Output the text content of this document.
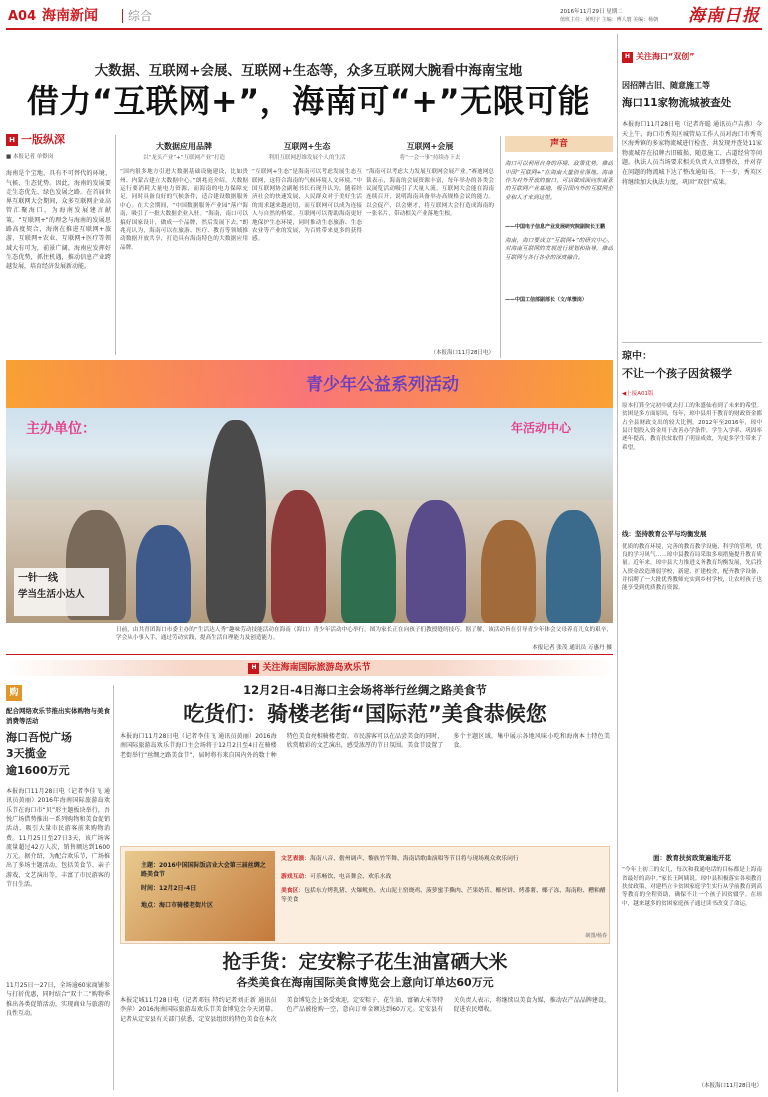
A04 海南新闻	综合	2016年11月29日 星期二
值班主任：黄明宇 主编：傅人寰 美编：杨朝 海南日报
大数据、互联网+会展、互联网+生态等，众多互联网大腕看中海南宝地
借力“互联网+”，海南可“+”无限可能
H 一版纵深
■ 本报记者 单憬岗
海南是个宝地，具有不可替代的环境、气候、生态优势。因此，海南的发展要走生态优先、绿色发展之路。在首届世界互联网大会期间，众多互联网企业高管汇聚海口，为海南发展建言献策。“互联网+”的理念与海南的发展思路高度契合，海南在推进互联网+旅游、互联网+农业、互联网+医疗等领域大有可为，前景广阔。海南应发挥好生态优势，抓住机遇，推动信息产业跨越发展，培育经济发展新动能。
大数据应用品牌
以“龙头产业”+“互联网产业”打造
“国内很多地方引进大数据基础设施建设，比如贵州、内蒙古建立大数据中心。”朗兆亮介绍，大数据运行要消耗大量电力资源，而海南的电力保障充足，同时具备良好的气候条件，适合建设数据服务中心。在大会期间，“中国数据服务产业园”落户海南，吸引了一批大数据企业入驻。“海南，南口可以搞好国家设计，做成一个品牌，然后发展下去。”朗兆亮认为，海南可以在旅游、医疗、教育等领域推动数据开放共享，打造具有海南特色的大数据应用品牌。
互联网+生态
利用互联网思维发展个人的生活
“互联网+生态”是海南可以考虑发展生态互联网，这符合海南的气候环境人文环境。”中国互联网协会副秘书长石现升认为，随着经济社会的快速发展，人民群众对于美好生活的需求越来越迫切，而互联网可以成为连接人与自然的桥梁。互联网可以帮助海南更好地保护生态环境，同时推动生态旅游、生态农业等产业的发展，为百姓带来更多的获得感。
互联网+会展
将“一会一事”持续办下去
“海南可以考虑大力发展互联网会展产业。”赛迪网总裁表示，海南的会展资源丰富，每年举办的各类会议展览活动吸引了大量人流。互联网大会能在海南连续召开，说明海南具备举办高规格会议的能力。以会促产、以会聚才，将互联网大会打造成海南的一张名片，带动相关产业落地生根。
（本报海口11月28日电）
声音
海口可以利用自身的环境、政策优势，推动中国“互联网+”在海南大量创业落地。海南作为对外开放的窗口，可以做成面向东南亚的互联网产业基地，吸引国内外的互联网企业和人才来到这里。
——中国电子信息产业发展研究院副院长王鹏
海南，海口要成立“互联网+”的研究中心，对海南互联网的发展进行规划和指导，推动互联网与各行各业的深度融合。
——中国工信部副部长（文/单憬岗）
H 关注海口“双创”
因招牌古旧、随意施工等
海口11家物流城被查处
本报海口11月28日电（记者许聪 通讯员卢吉燕）今天上午，海口市秀英区城管局工作人员对海口市秀英区海秀镇的多家物流城进行检查，共发现并查处11家物流城存在招牌古旧破损、随意施工、占道经营等问题。执法人员当场要求相关负责人立即整改，并对存在问题的物流城下达了整改通知书。下一步，秀英区将继续加大执法力度，巩固“双创”成果。
琼中：
不让一个孩子因贫辍学
◀上接A01版
原本打算全完初中就去打工的朱盛仙看到了未来的希望。贫困是多方面原因，每年，琼中县用于教育的财政资金都占全县财政支出的较大比例。2012年至2016年，琼中县计划投入资金用于改善办学条件，学生入学率、巩固率逐年提高，教育扶贫取得了明显成效，为更多学生带来了希望。
线：坚持教育公平与均衡发展
优质的教育环境，完善的教育教学设施，科学的管理，优良的学习风气……琼中县教育局采取多项措施提升教育质量。近年来，琼中县大力推进义务教育均衡发展，先后投入资金改造薄弱学校，新建、扩建校舍，配齐教学设备，并招聘了一大批优秀教师充实到乡村学校，让农村孩子也能享受到优质教育资源。
面：教育扶贫政策遍地开花
“今年上初三的女儿，每次和我通电话的目标都是上海南省最好的高中。”家长王阿姨说。琼中县积极落实各项教育扶贫政策，对建档立卡贫困家庭学生实行从学前教育到高等教育的全程资助，确保不让一个孩子因贫辍学。在琼中，越来越多的贫困家庭孩子通过读书改变了命运。
（本报海口11月28日电）
青少年公益系列活动
主办单位：	年活动中心
一针一线
学当生活小达人
日前，由共青团海口市委主办的“生活达人秀”趣味劳动技能活动在海南（海口）青少年活动中心举行，图为家长正在向孩子们教授缝纫技巧。据了解，该活动旨在引导青少年体会父母养育儿女的艰辛，学会从小事入手，通过劳动实践，提高生活自理能力及创造能力。
本报记者 张茂 通讯员 万惠丹 摄
H 关注海南国际旅游岛欢乐节
购
配合网络欢乐节推出实体购物与美食消费等活动
海口吾悦广场
3天揽金
逾1600万元
本报海口11月28日电（记者李佳飞 通讯员黄丽）2016年海南国际旅游岛欢乐节在海口市“贝”形主题板块举行，吾悦广场借势推出一系列购物和美食促销活动，吸引大量市民游客前来购物消费。11月25日至27日3天，该广场客流量超过42万人次，销售额达到1600万元。据介绍，为配合欢乐节，广场推出了多场主题活动，包括美食节、亲子游戏、文艺演出等，丰富了市民游客的节日生活。
11月25日一27日，全场逾60家商铺参与打折优惠，同时结合“双十二”购物季推出各类促销活动，实现商业与旅游的良性互动。
12月2日-4日海口主会场将举行丝绸之路美食节
吃货们：骑楼老街“国际范”美食恭候您
本报海口11月28日电（记者李佳飞 通讯员黄丽）2016海南国际旅游岛欢乐节海口主会场将于12月2日至4日在骑楼老街举行“丝绸之路美食节”，届时将有来自国内外的数十种特色美食亮相骑楼老街。市民游客可以在品尝美食的同时，欣赏精彩的文艺演出，感受浓厚的节日氛围。美食节设置了多个主题区域，集中展示各地风味小吃和海南本土特色美食。
主题：2016中国国际饭店业大会第三届丝绸之路美食节
时间：12月2日-4日
地点：海口市骑楼老街片区
文艺表演：海南八音、儋州调声、黎族竹竿舞、海南话歌曲演唱等节目将与现场观众欢乐同行
游戏互动：可乐畅饮、电音舞会、欢乐水战
美食区：包括东方烤乳猪、火爆鱿鱼、火山泥土窑烧鸡、菠萝蜜手撕肉、芒果奶昔、椰丝饼、烤番薯、椰子冻、海南粉、糟粕醋等美食
制图/杨春
抢手货：定安粽子花生油富硒大米
各类美食在海南国际美食博览会上意向订单达60万元
本报定城11月28日电（记者邓钰 特约记者刘正新 通讯员李萍）2016海南国际旅游岛欢乐节美食博览会今天闭幕。记者从定安县有关部门获悉，定安县组织的特色美食在本次美食博览会上备受欢迎，定安粽子、花生油、富硒大米等特色产品被抢购一空，意向订单金额达到60万元。定安县有关负责人表示，将继续以美食为媒，推动农产品品牌建设，促进农民增收。
